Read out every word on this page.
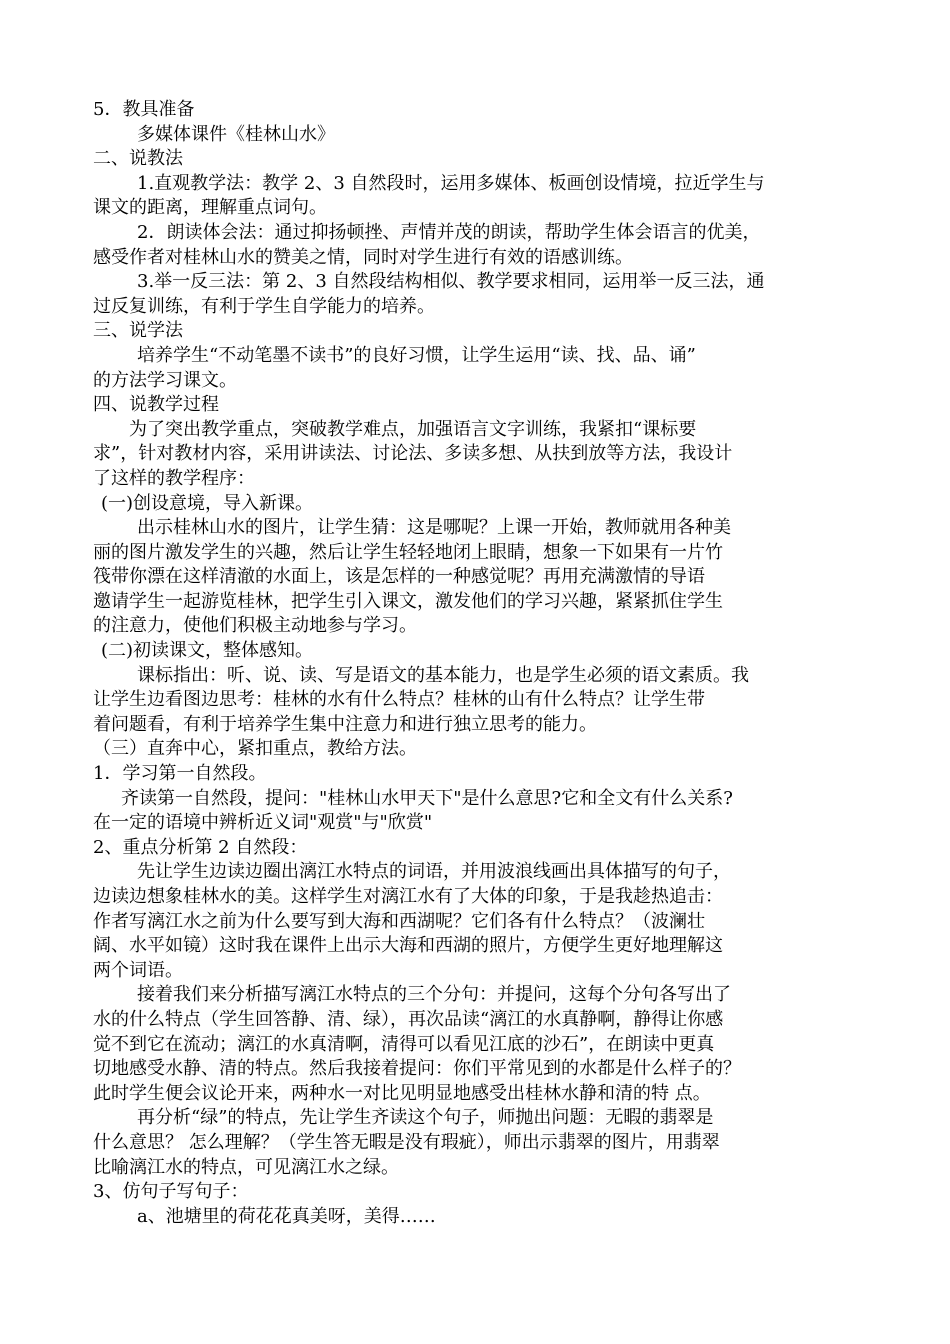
5．教具准备
多媒体课件《桂林山水》
二、说教法
1.直观教学法：教学 2、3 自然段时，运用多媒体、板画创设情境，拉近学生与
课文的距离，理解重点词句。
2．朗读体会法：通过抑扬顿挫、声情并茂的朗读，帮助学生体会语言的优美，
感受作者对桂林山水的赞美之情，同时对学生进行有效的语感训练。
3.举一反三法：第 2、3 自然段结构相似、教学要求相同，运用举一反三法，通
过反复训练，有利于学生自学能力的培养。
三、说学法
培养学生“不动笔墨不读书”的良好习惯，让学生运用“读、找、品、诵”
的方法学习课文。
四、说教学过程
为了突出教学重点，突破教学难点，加强语言文字训练，我紧扣“课标要
求”，针对教材内容，采用讲读法、讨论法、多读多想、从扶到放等方法，我设计
了这样的教学程序：
(一)创设意境，导入新课。
出示桂林山水的图片，让学生猜：这是哪呢？上课一开始，教师就用各种美
丽的图片激发学生的兴趣，然后让学生轻轻地闭上眼睛，想象一下如果有一片竹
筏带你漂在这样清澈的水面上，该是怎样的一种感觉呢？再用充满激情的导语
邀请学生一起游览桂林，把学生引入课文，激发他们的学习兴趣，紧紧抓住学生
的注意力，使他们积极主动地参与学习。
(二)初读课文，整体感知。
课标指出：听、说、读、写是语文的基本能力，也是学生必须的语文素质。我
让学生边看图边思考：桂林的水有什么特点？桂林的山有什么特点？让学生带
着问题看，有利于培养学生集中注意力和进行独立思考的能力。
（三）直奔中心，紧扣重点，教给方法。
1．学习第一自然段。
齐读第一自然段，提问："桂林山水甲天下"是什么意思?它和全文有什么关系?
在一定的语境中辨析近义词"观赏"与"欣赏"
2、重点分析第 2 自然段：
先让学生边读边圈出漓江水特点的词语，并用波浪线画出具体描写的句子，
边读边想象桂林水的美。这样学生对漓江水有了大体的印象，于是我趁热追击：
作者写漓江水之前为什么要写到大海和西湖呢？它们各有什么特点？（波澜壮
阔、水平如镜）这时我在课件上出示大海和西湖的照片，方便学生更好地理解这
两个词语。
接着我们来分析描写漓江水特点的三个分句：并提问，这每个分句各写出了
水的什么特点（学生回答静、清、绿），再次品读“漓江的水真静啊，静得让你感
觉不到它在流动；漓江的水真清啊，清得可以看见江底的沙石”，在朗读中更真
切地感受水静、清的特点。然后我接着提问：你们平常见到的水都是什么样子的？
此时学生便会议论开来，两种水一对比见明显地感受出桂林水静和清的特 点。
再分析“绿”的特点，先让学生齐读这个句子，师抛出问题：无暇的翡翠是
什么意思？ 怎么理解？（学生答无暇是没有瑕疵），师出示翡翠的图片，用翡翠
比喻漓江水的特点，可见漓江水之绿。
3、仿句子写句子：
a、池塘里的荷花花真美呀，美得……
